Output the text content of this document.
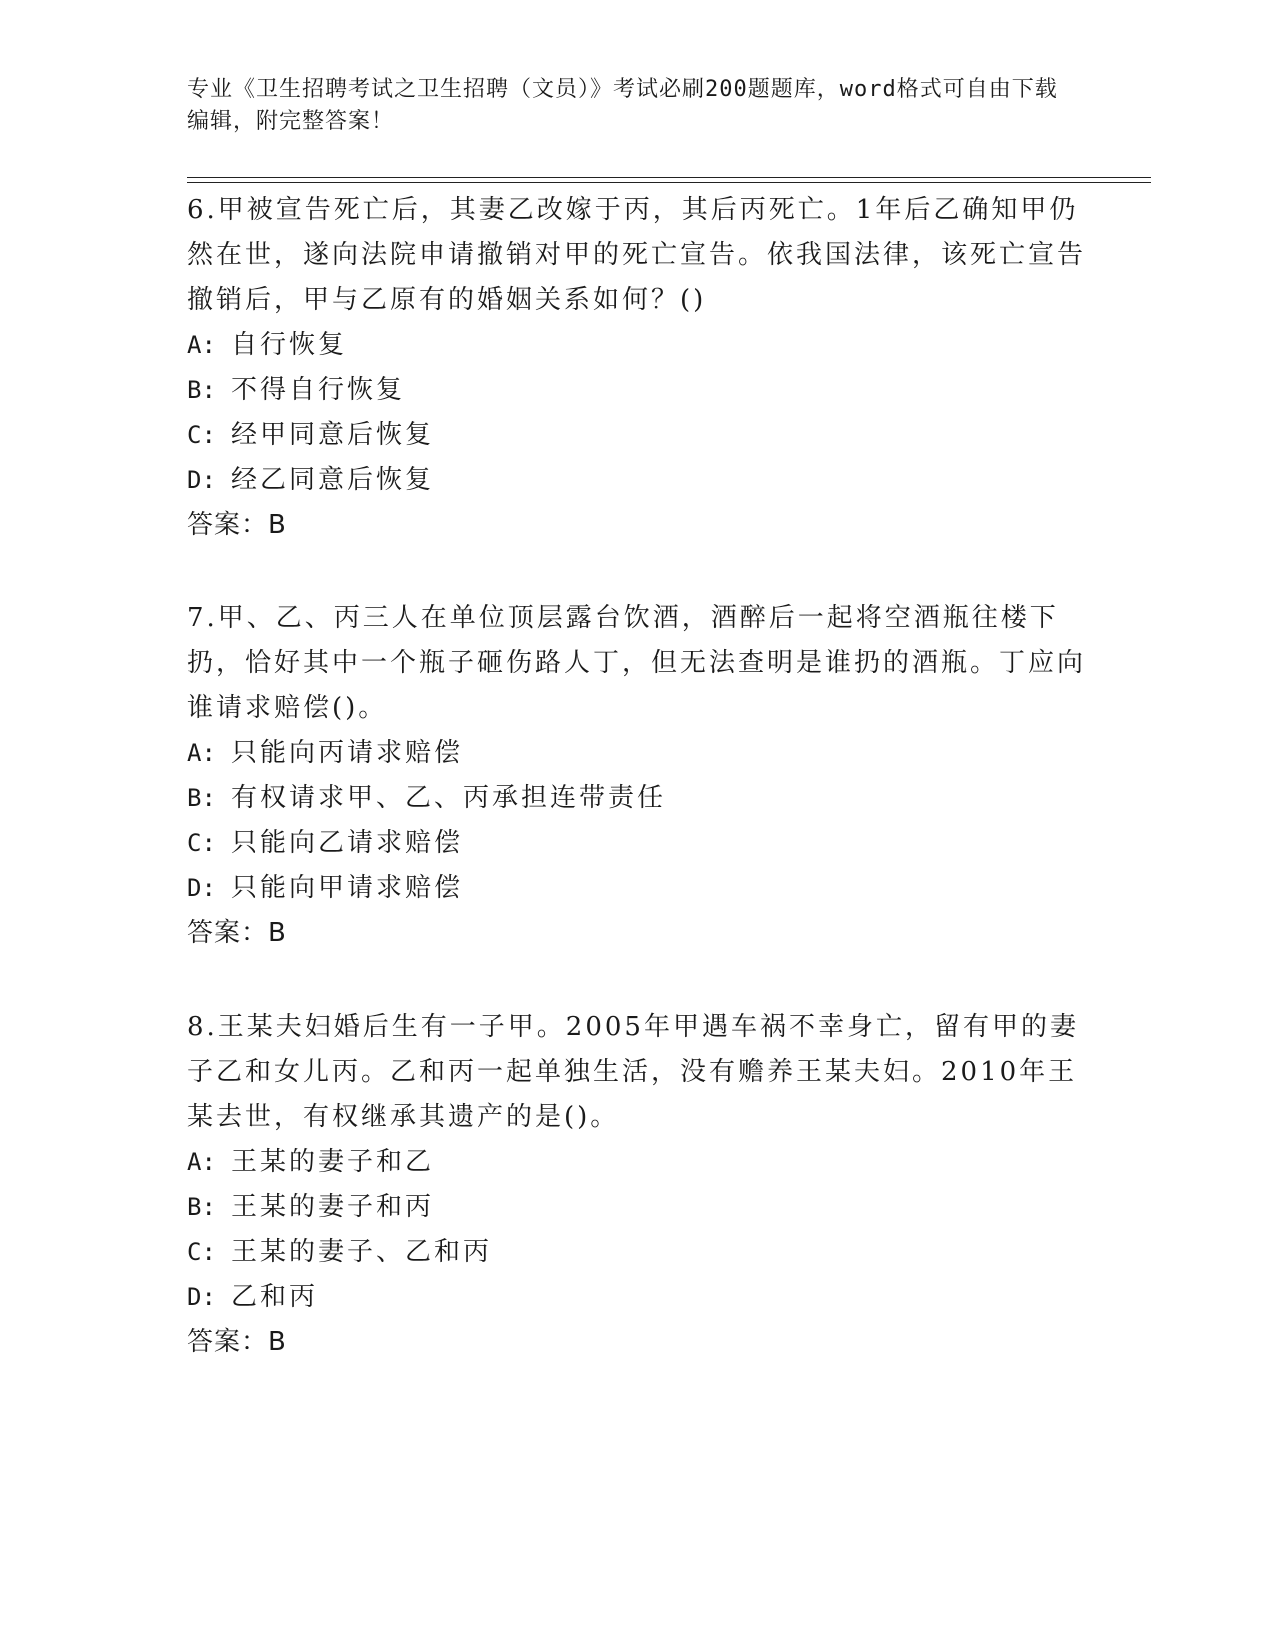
专业《卫生招聘考试之卫生招聘（文员）》考试必刷200题题库，word格式可自由下载编辑，附完整答案！

6.甲被宣告死亡后，其妻乙改嫁于丙，其后丙死亡。1年后乙确知甲仍然在世，遂向法院申请撤销对甲的死亡宣告。依我国法律，该死亡宣告撤销后，甲与乙原有的婚姻关系如何？()

A: 自行恢复
B: 不得自行恢复
C: 经甲同意后恢复
D: 经乙同意后恢复

答案：B

7.甲、乙、丙三人在单位顶层露台饮酒，酒醉后一起将空酒瓶往楼下扔，恰好其中一个瓶子砸伤路人丁，但无法查明是谁扔的酒瓶。丁应向谁请求赔偿()。

A: 只能向丙请求赔偿
B: 有权请求甲、乙、丙承担连带责任
C: 只能向乙请求赔偿
D: 只能向甲请求赔偿

答案：B

8.王某夫妇婚后生有一子甲。2005年甲遇车祸不幸身亡，留有甲的妻子乙和女儿丙。乙和丙一起单独生活，没有赡养王某夫妇。2010年王某去世，有权继承其遗产的是()。

A: 王某的妻子和乙
B: 王某的妻子和丙
C: 王某的妻子、乙和丙
D: 乙和丙

答案：B
